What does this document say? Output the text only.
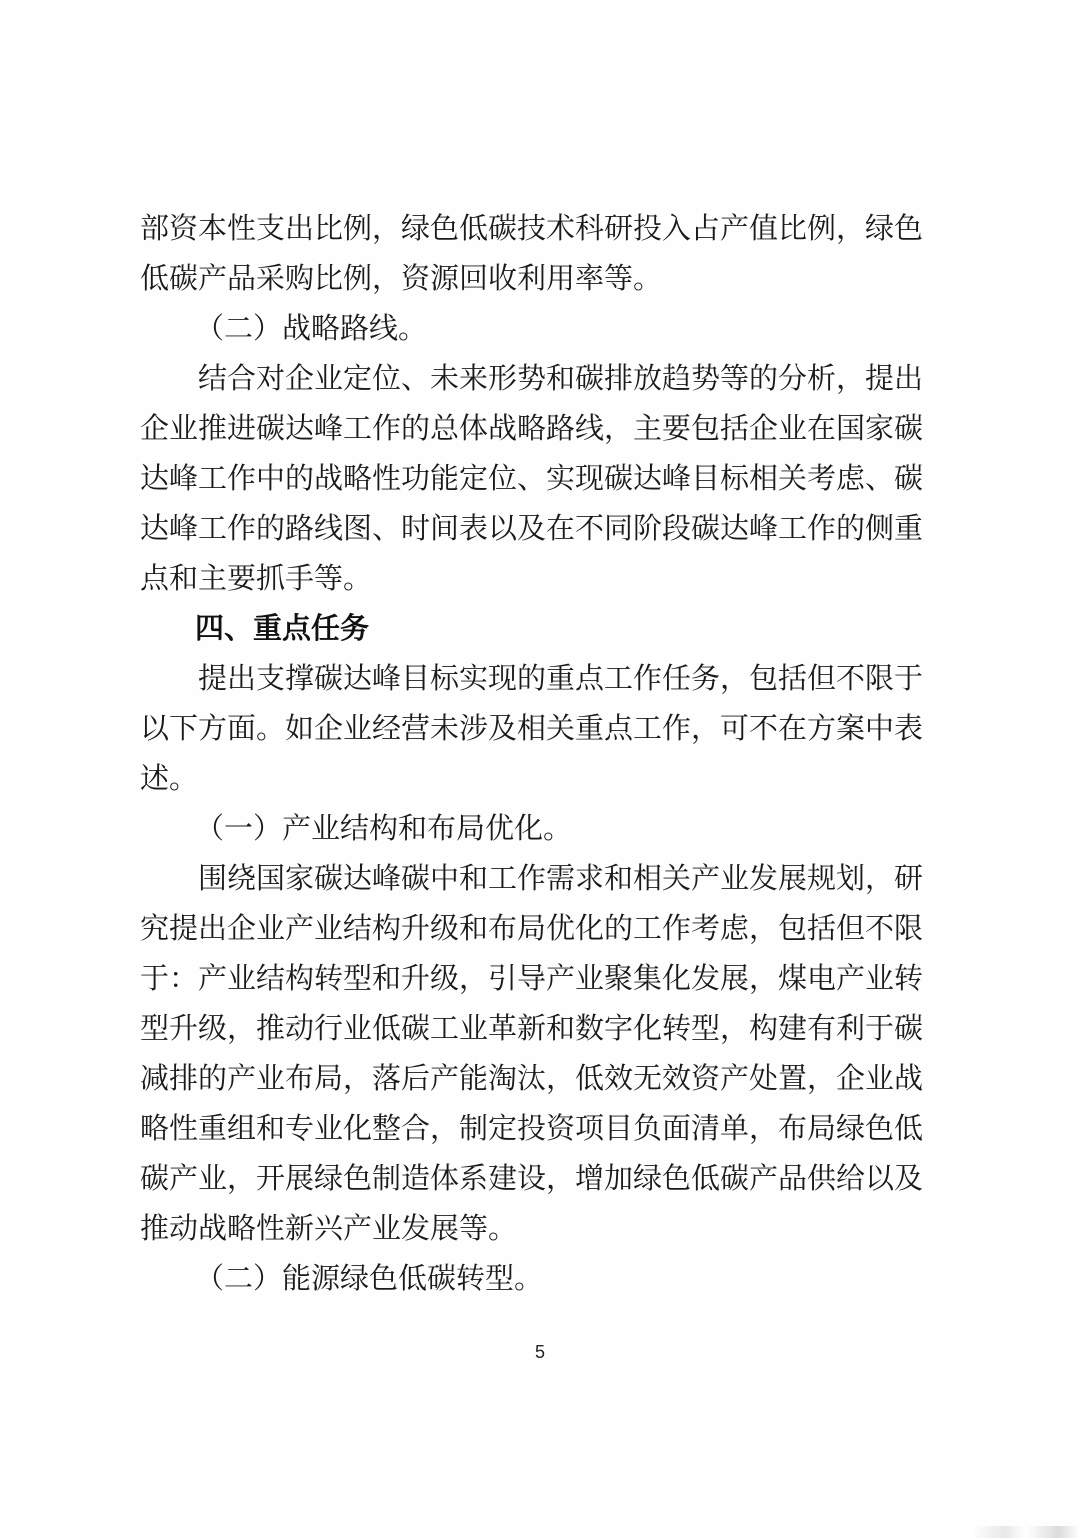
部资本性支出比例，绿色低碳技术科研投入占产值比例，绿色
低碳产品采购比例，资源回收利用率等。
（二）战略路线。
结合对企业定位、未来形势和碳排放趋势等的分析，提出
企业推进碳达峰工作的总体战略路线，主要包括企业在国家碳
达峰工作中的战略性功能定位、实现碳达峰目标相关考虑、碳
达峰工作的路线图、时间表以及在不同阶段碳达峰工作的侧重
点和主要抓手等。
四、重点任务
提出支撑碳达峰目标实现的重点工作任务，包括但不限于
以下方面。如企业经营未涉及相关重点工作，可不在方案中表
述。
（一）产业结构和布局优化。
围绕国家碳达峰碳中和工作需求和相关产业发展规划，研
究提出企业产业结构升级和布局优化的工作考虑，包括但不限
于：产业结构转型和升级，引导产业聚集化发展，煤电产业转
型升级，推动行业低碳工业革新和数字化转型，构建有利于碳
减排的产业布局，落后产能淘汰，低效无效资产处置，企业战
略性重组和专业化整合，制定投资项目负面清单，布局绿色低
碳产业，开展绿色制造体系建设，增加绿色低碳产品供给以及
推动战略性新兴产业发展等。
（二）能源绿色低碳转型。
5
